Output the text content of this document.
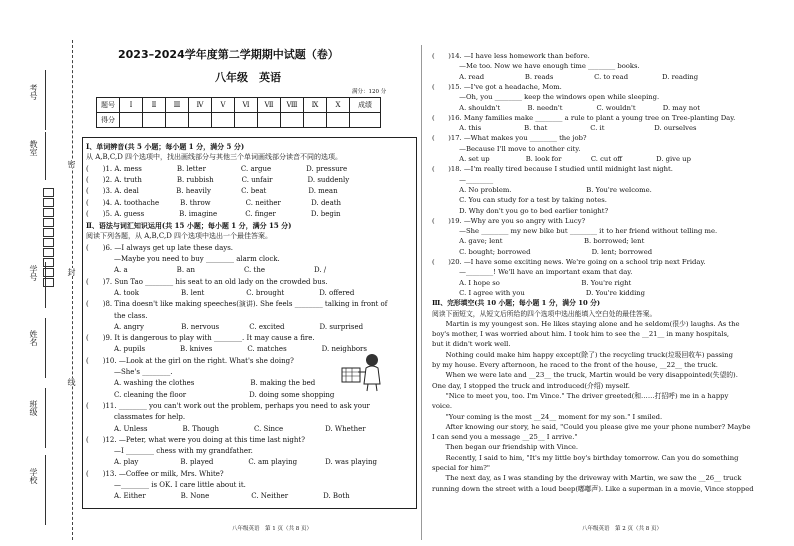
考号
教室
学号
姓名
班级
学校
密
封
线
2023–2024学年度第二学期期中试题（卷）
八年级　英语
满分：120 分
题号	Ⅰ	Ⅱ	Ⅲ	Ⅳ	Ⅴ	Ⅵ	Ⅶ	Ⅷ	Ⅸ	Ⅹ	成绩
得分											
Ⅰ、单词辨音(共 5 小题；每小题 1 分，满分 5 分)
从 A,B,C,D 四个选项中，找出画线部分与其他三个单词画线部分读音不同的选项。
(　　)1. A. mess　　　　　B. letter　　　　　C. argue　　　　　D. pressure
(　　)2. A. truth　　　　　B. rubbish　　　　C. unfair　　　　　D. suddenly
(　　)3. A. deal　　　　　 B. heavily　　　　 C. beat　　　　　　D. mean
(　　)4. A. toothache　　　B. throw　　　　　C. neither　　　　 D. death
(　　)5. A. guess　　　　　B. imagine　　　　C. finger　　　　　D. begin
Ⅱ、语法与词汇知识运用(共 15 小题；每小题 1 分，满分 15 分)
阅读下列各题，从 A,B,C,D 四个选项中选出一个最佳答案。
(　　)6. —I always get up late these days.
　　　　—Maybe you need to buy ________ alarm clock.
　　　　A. a　　　　　　　B. an　　　　　　　C. the　　　　　　　D. /
(　　)7. Sun Tao ________ his seat to an old lady on the crowded bus.
　　　　A. took　　　　　　B. lent　　　　　　C. brought　　　　　D. offered
(　　)8. Tina doesn't like making speeches(演讲). She feels ________ talking in front of
　　　　the class.
　　　　A. angry　　　　　 B. nervous　　　　 C. excited　　　　　D. surprised
(　　)9. It is dangerous to play with ________. It may cause a fire.
　　　　A. pupils　　　　　B. knives　　　　　C. matches　　　　　D. neighbors
(　　)10. —Look at the girl on the right. What's she doing?
　　　　—She's ________.
　　　　A. washing the clothes　　　　　　　　B. making the bed
　　　　C. cleaning the floor　　　　　　　　　D. doing some shopping
(　　)11. ________ you can't work out the problem, perhaps you need to ask your
　　　　classmates for help.
　　　　A. Unless　　　　　B. Though　　　　　C. Since　　　　　　D. Whether
(　　)12. —Peter, what were you doing at this time last night?
　　　　—I ________ chess with my grandfather.
　　　　A. play　　　　　　B. played　　　　　C. am playing　　　　D. was playing
(　　)13. —Coffee or milk, Mrs. White?
　　　　—________ is OK. I care little about it.
　　　　A. Either　　　　　B. None　　　　　　C. Neither　　　　　D. Both
(　　)14. —I have less homework than before.
　　　　—Me too. Now we have enough time ________ books.
　　　　A. read　　　　　　B. reads　　　　　　C. to read　　　　　D. reading
(　　)15. —I've got a headache, Mom.
　　　　—Oh, you ________ keep the windows open while sleeping.
　　　　A. shouldn't　　　　B. needn't　　　　　C. wouldn't　　　　D. may not
(　　)16. Many families make ________ a rule to plant a young tree on Tree-planting Day.
　　　　A. this　　　　　　 B. that　　　　　　 C. it　　　　　　　 D. ourselves
(　　)17. —What makes you ________ the job?
　　　　—Because I'll move to another city.
　　　　A. set up　　　　　 B. look for　　　　 C. cut off　　　　　D. give up
(　　)18. —I'm really tired because I studied until midnight last night.
　　　　—________
　　　　A. No problem.　　　　　　　　　　　B. You're welcome.
　　　　C. You can study for a test by taking notes.
　　　　D. Why don't you go to bed earlier tonight?
(　　)19. —Why are you so angry with Lucy?
　　　　—She ________ my new bike but ________ it to her friend without telling me.
　　　　A. gave; lent　　　　　　　　　　　　B. borrowed; lent
　　　　C. bought; borrowed　　　　　　　　　D. lent; borrowed
(　　)20. —I have some exciting news. We're going on a school trip next Friday.
　　　　—________! We'll have an important exam that day.
　　　　A. I hope so　　　　　　　　　　　　B. You're right
　　　　C. I agree with you　　　　　　　　　D. You're kidding
Ⅲ、完形填空(共 10 小题；每小题 1 分，满分 10 分)
阅读下面短文，从短文后所给的四个选项中选出能填入空白处的最佳答案。
　　Martin is my youngest son. He likes staying alone and he seldom(很少) laughs. As the
boy's mother, I was worried about him. I took him to see the __21__ in many hospitals,
but it didn't work well.
　　Nothing could make him happy except(除了) the recycling truck(垃圾回收车) passing
by my house. Every afternoon, he raced to the front of the house, __22__ the truck.
　　When we were late and __23__ the truck, Martin would be very disappointed(失望的).
One day, I stopped the truck and introduced(介绍) myself.
　　"Nice to meet you, too. I'm Vince." The driver greeted(和……打招呼) me in a happy
voice.
　　"Your coming is the most __24__ moment for my son." I smiled.
　　After knowing our story, he said, "Could you please give me your phone number? Maybe
I can send you a message __25__ I arrive."
　　Then began our friendship with Vince.
　　Recently, I said to him, "It's my little boy's birthday tomorrow. Can you do something
special for him?"
　　The next day, as I was standing by the driveway with Martin, we saw the __26__ truck
running down the street with a loud beep(嘟嘟声). Like a superman in a movie, Vince stopped
八年级英语　第 1 页（共 8 页）	八年级英语　第 2 页（共 8 页）
